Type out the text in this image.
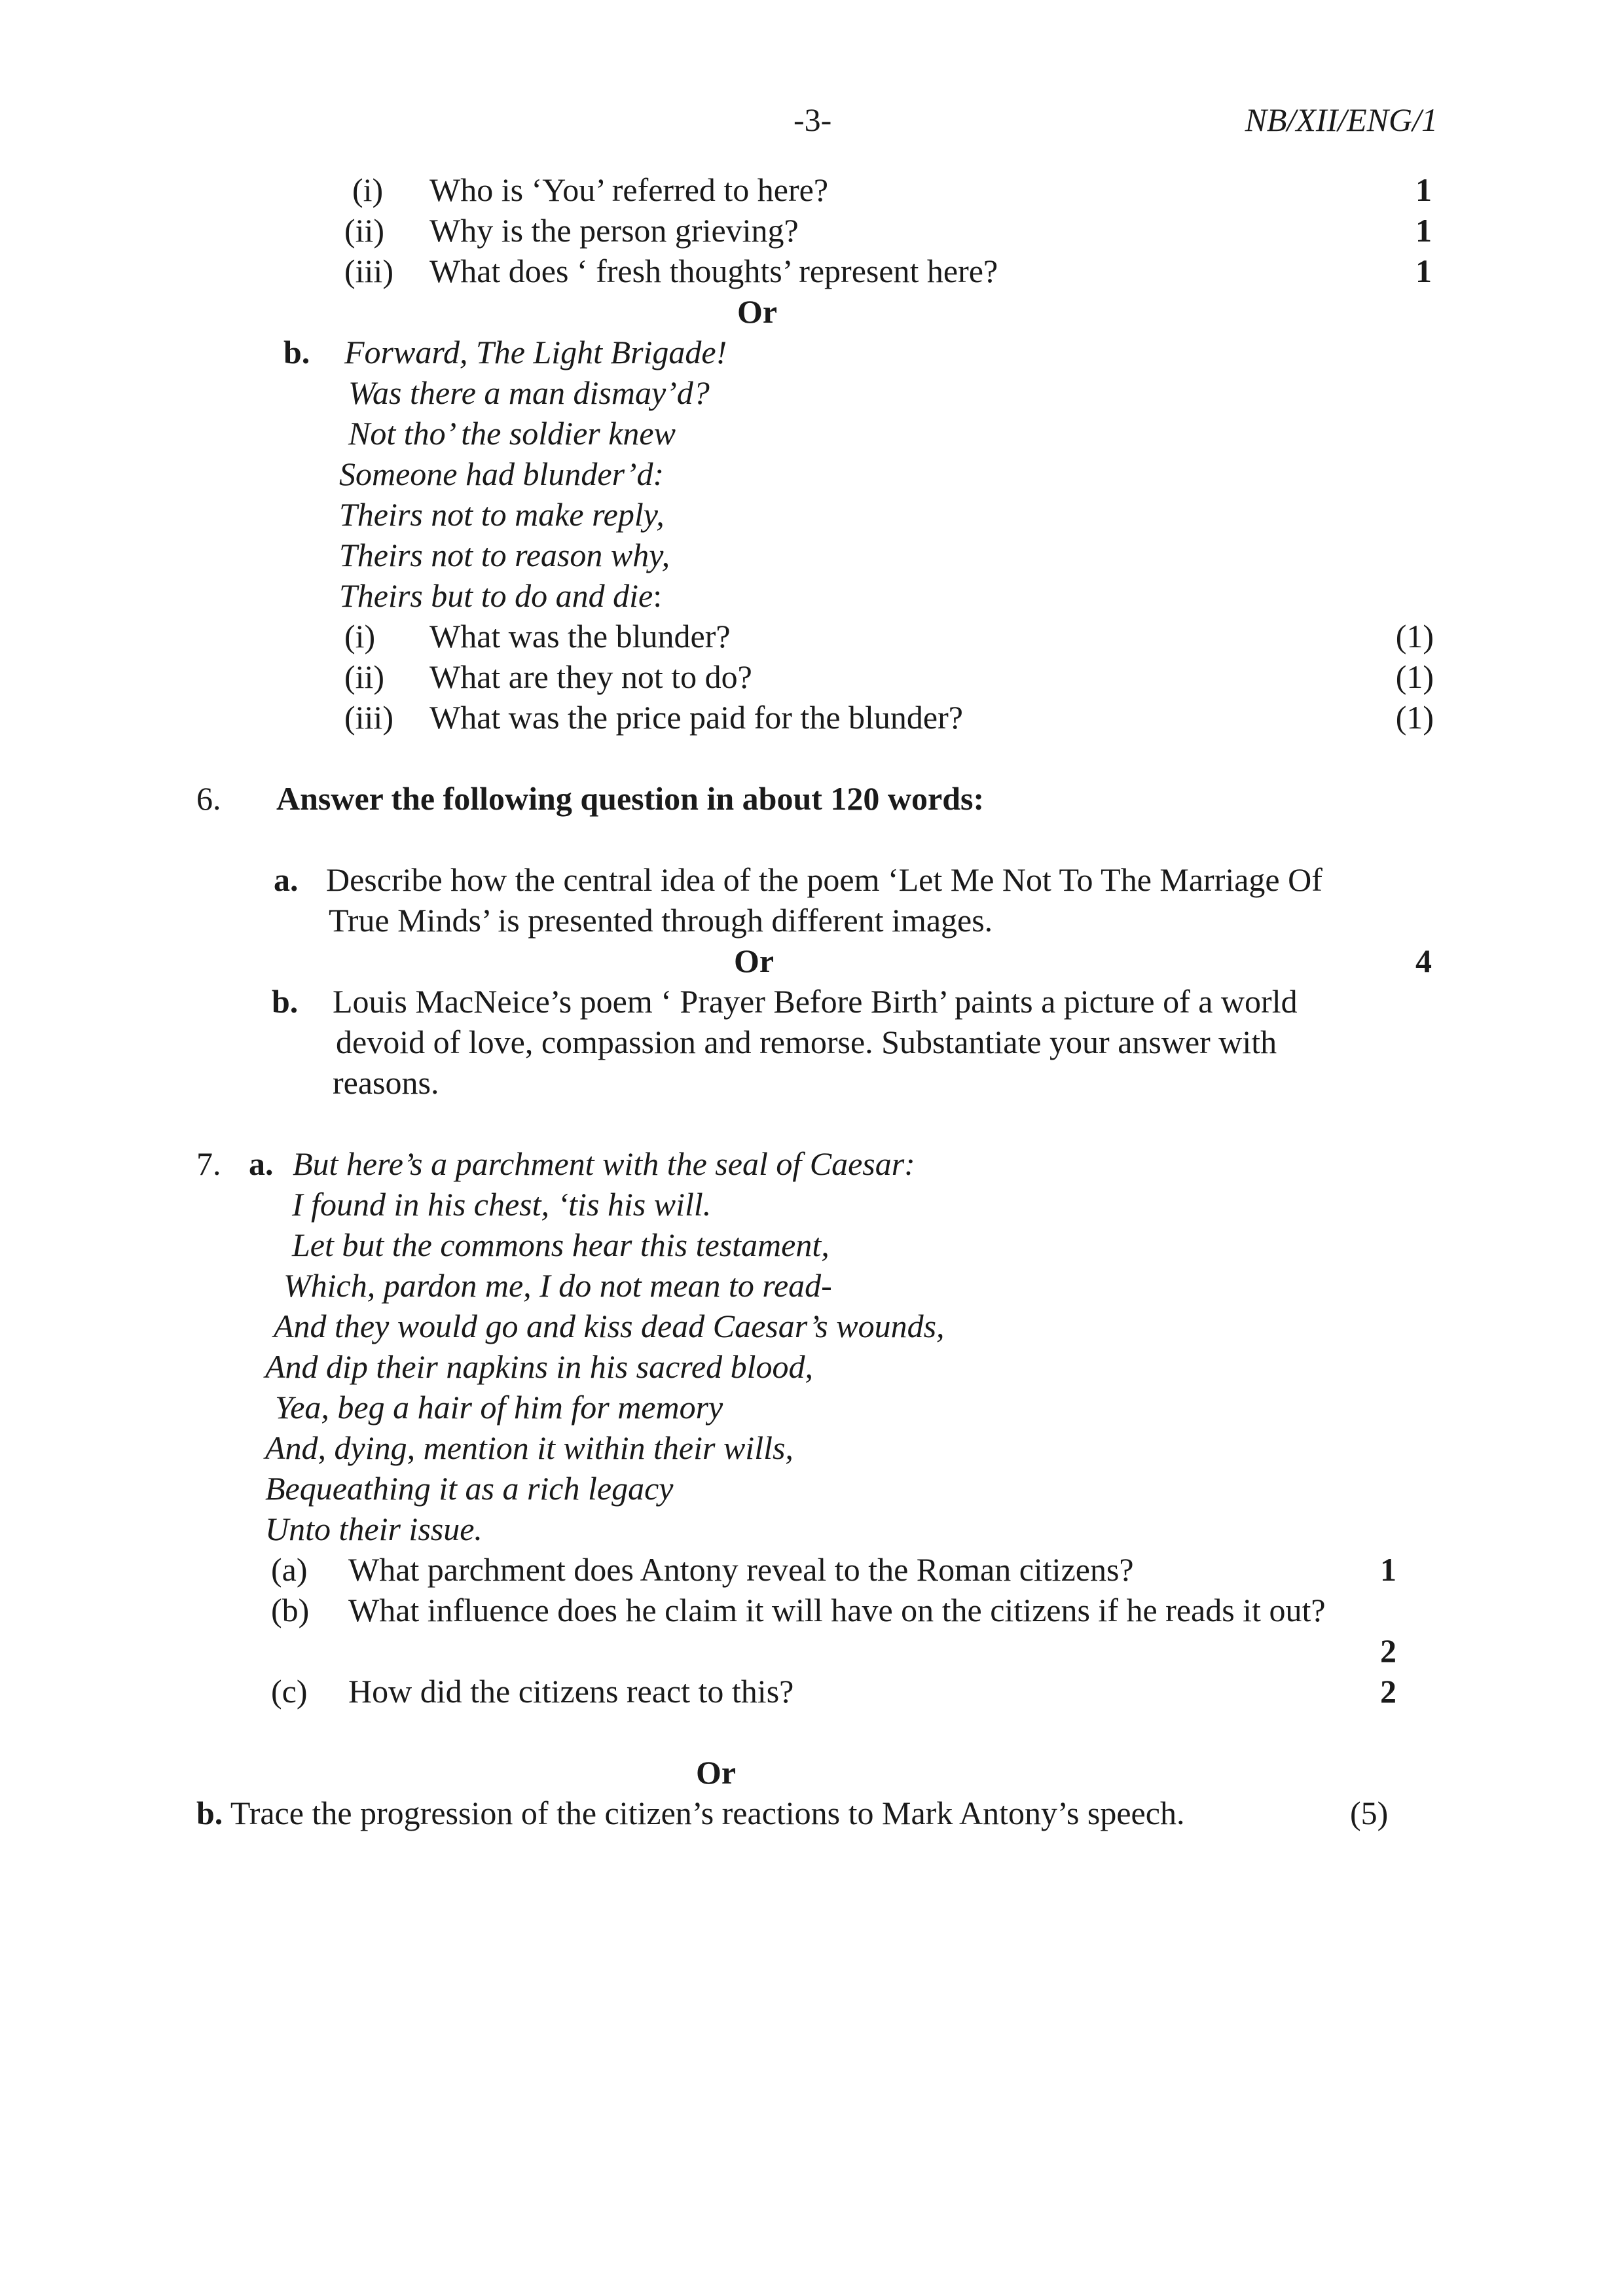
-3-	NB/XII/ENG/1
(i) Who is ‘You’ referred to here?	1
(ii) Why is the person grieving?	1
(iii) What does ‘ fresh thoughts’ represent here?	1
Or
b. Forward, The Light Brigade!
Was there a man dismay’d?
Not tho’ the soldier knew
Someone had blunder’d:
Theirs not to make reply,
Theirs not to reason why,
Theirs but to do and die:
(i) What was the blunder?	(1)
(ii) What are they not to do?	(1)
(iii) What was the price paid for the blunder?	(1)
6. Answer the following question in about 120 words:
a. Describe how the central idea of the poem ‘Let Me Not To The Marriage Of
True Minds’ is presented through different images.
Or	4
b. Louis MacNeice’s poem ‘ Prayer Before Birth’ paints a picture of a world
devoid of love, compassion and remorse. Substantiate your answer with
reasons.
7. a. But here’s a parchment with the seal of Caesar:
I found in his chest, ‘tis his will.
Let but the commons hear this testament,
Which, pardon me, I do not mean to read-
And they would go and kiss dead Caesar’s wounds,
And dip their napkins in his sacred blood,
Yea, beg a hair of him for memory
And, dying, mention it within their wills,
Bequeathing it as a rich legacy
Unto their issue.
(a) What parchment does Antony reveal to the Roman citizens?	1
(b) What influence does he claim it will have on the citizens if he reads it out?
2
(c) How did the citizens react to this?	2
Or
b. Trace the progression of the citizen’s reactions to Mark Antony’s speech.	(5)
